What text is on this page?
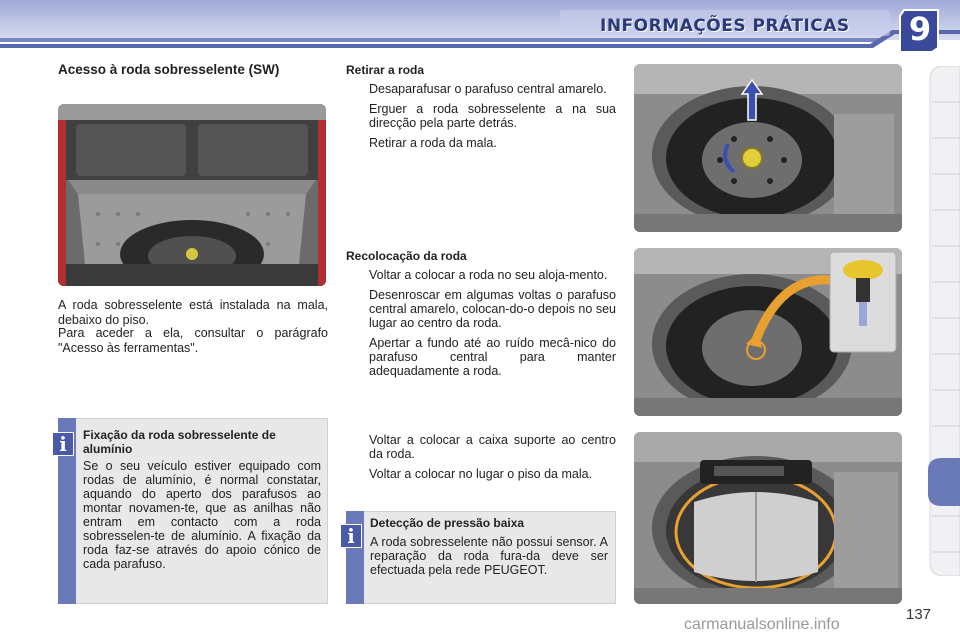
INFORMAÇÕES PRÁTICAS	9
Acesso à roda sobresselente (SW)
A roda sobresselente está instalada na mala, debaixo do piso.
Para aceder a ela, consultar o parágrafo "Acesso às ferramentas".
i	Fixação da roda sobresselente de alumínio
Se o seu veículo estiver equipado com rodas de alumínio, é normal constatar, aquando do aperto dos parafusos ao montar novamen-te, que as anilhas não entram em contacto com a roda sobresselen-te de alumínio. A fixação da roda faz-se através do apoio cónico de cada parafuso.
Retirar a roda
Desaparafusar o parafuso central amarelo.
Erguer a roda sobresselente a na sua direcção pela parte detrás.
Retirar a roda da mala.
Recolocação da roda
Voltar a colocar a roda no seu aloja-mento.
Desenroscar em algumas voltas o parafuso central amarelo, colocan-do-o depois no seu lugar ao centro da roda.
Apertar a fundo até ao ruído mecâ-nico do parafuso central para manter adequadamente a roda.
Voltar a colocar a caixa suporte ao centro da roda.
Voltar a colocar no lugar o piso da mala.
i
Detecção de pressão baixa
A roda sobresselente não possui sensor. A reparação da roda fura-da deve ser efectuada pela rede PEUGEOT.
137
carmanualsonline.info
